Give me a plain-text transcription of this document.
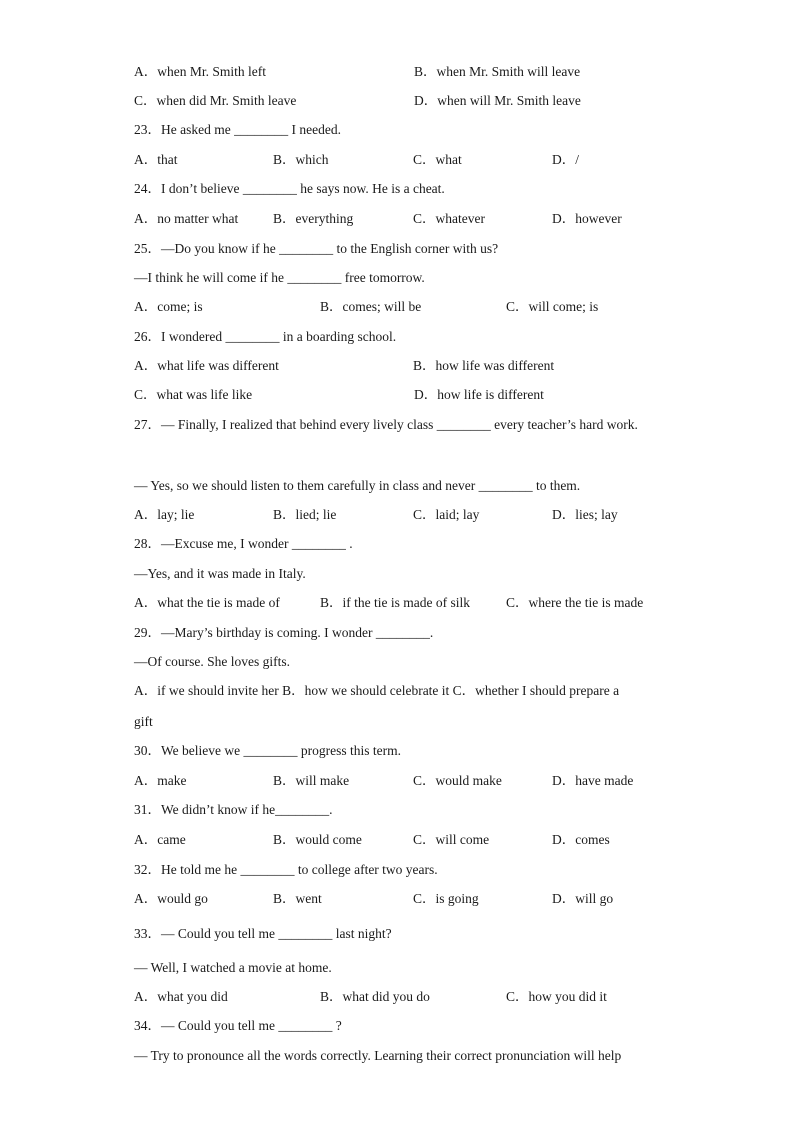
A．when Mr. Smith left	B．when Mr. Smith will leave
C．when did Mr. Smith leave	D．when will Mr. Smith leave
23．He asked me ________ I needed.
A．that	B．which	C．what	D．/
24．I don’t believe ________ he says now. He is a cheat.
A．no matter what	B．everything	C．whatever	D．however
25．—Do you know if he ________ to the English corner with us?
—I think he will come if he ________ free tomorrow.
A．come; is	B．comes; will be	C．will come; is
26．I wondered ________ in a boarding school.
A．what life was different	B．how life was different
C．what was life like	D．how life is different
27．— Finally, I realized that behind every lively class ________ every teacher’s hard work.
— Yes, so we should listen to them carefully in class and never ________ to them.
A．lay; lie	B．lied; lie	C．laid; lay	D．lies; lay
28．—Excuse me, I wonder ________ .
—Yes, and it was made in Italy.
A．what the tie is made of	B．if the tie is made of silk	C．where the tie is made
29．—Mary’s birthday is coming. I wonder ________.
—Of course. She loves gifts.
A．if we should invite her B．how we should celebrate it C．whether I should prepare a
gift
30．We believe we ________ progress this term.
A．make	B．will make	C．would make	D．have made
31．We didn’t know if he________.
A．came	B．would come	C．will come	D．comes
32．He told me he ________ to college after two years.
A．would go	B．went	C．is going	D．will go
33．— Could you tell me ________ last night?
— Well, I watched a movie at home.
A．what you did	B．what did you do	C．how you did it
34．— Could you tell me ________ ?
— Try to pronounce all the words correctly. Learning their correct pronunciation will help
